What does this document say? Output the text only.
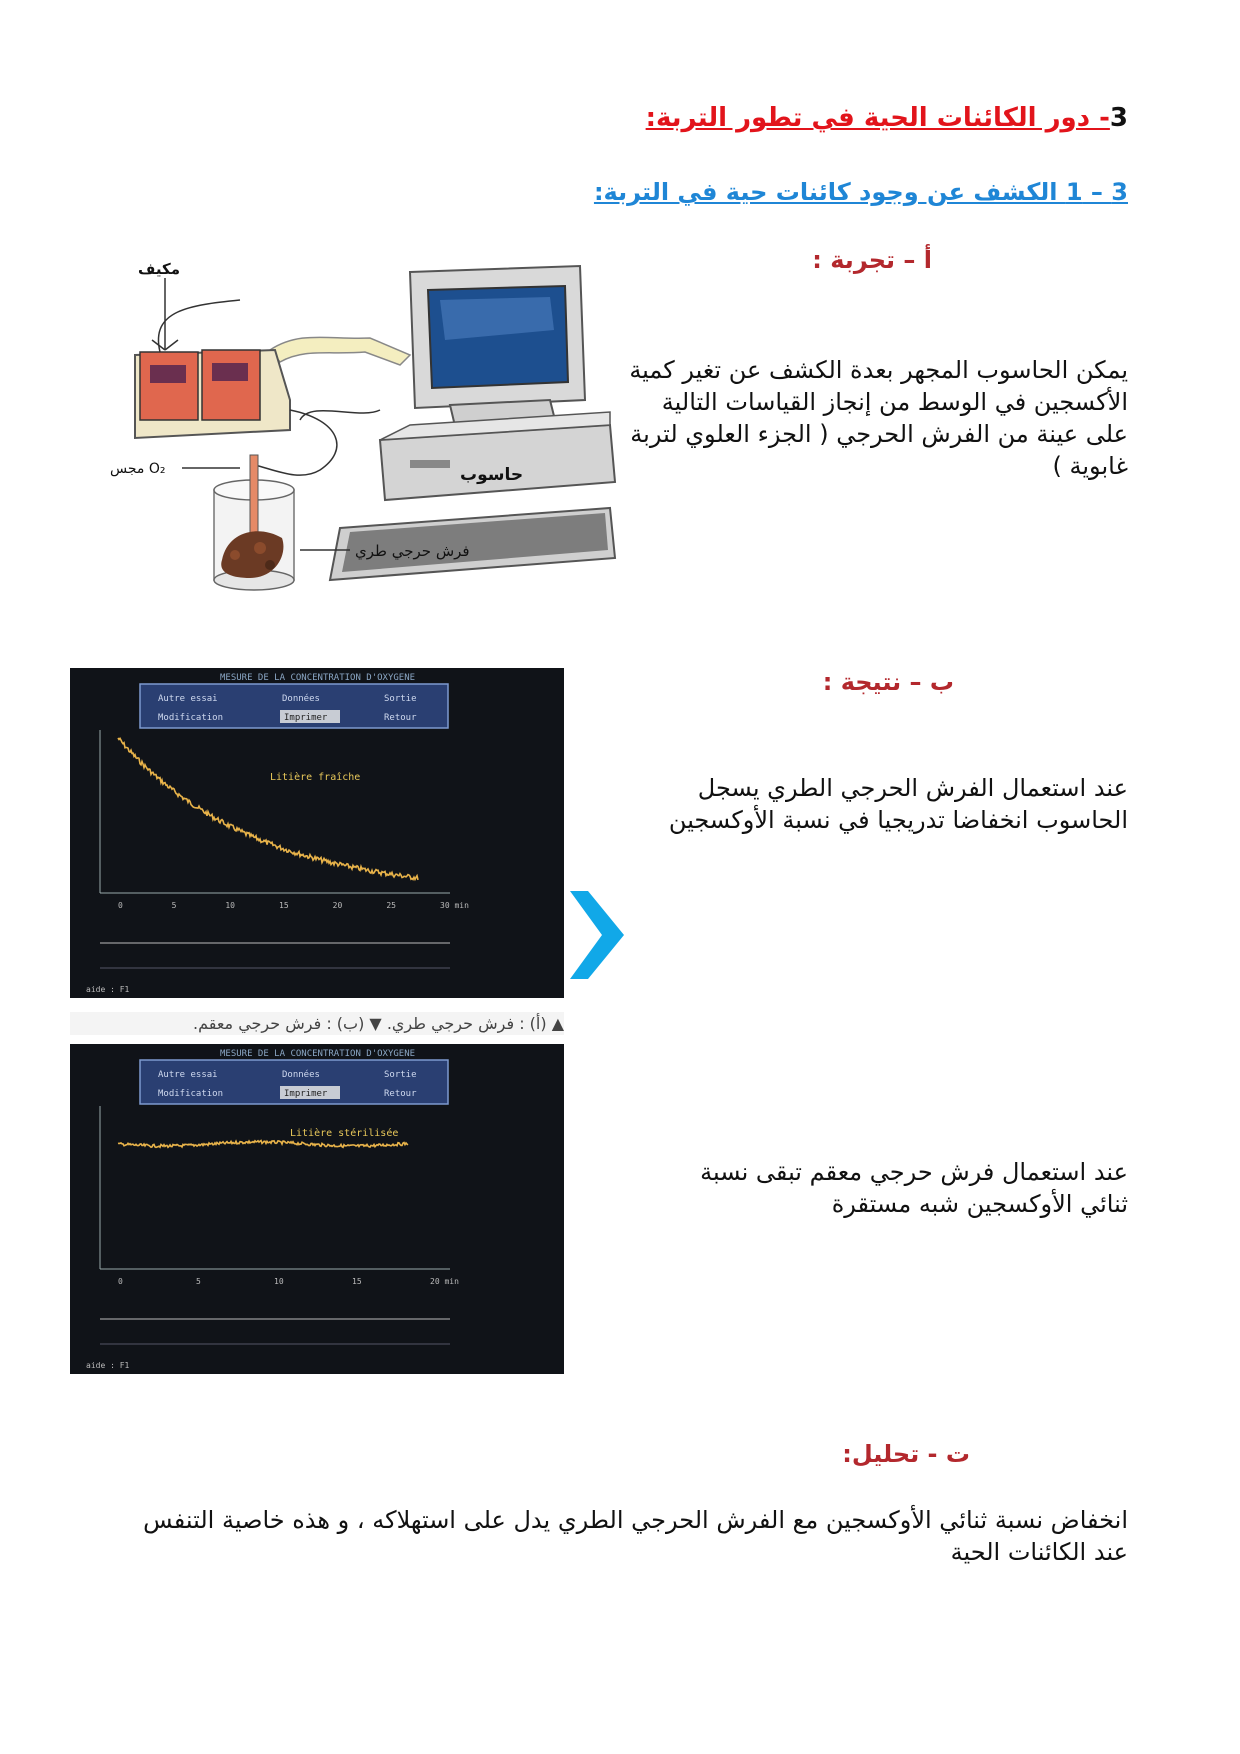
3- دور الكائنات الحية في تطور التربة:
3 – 1 الكشف عن وجود كائنات حية في التربة:
أ – تجربة :
يمكن الحاسوب المجهر بعدة الكشف عن تغير كمية الأكسجين في الوسط من إنجاز القياسات التالية على عينة من الفرش الحرجي ( الجزء العلوي لتربة غابوية )
حاسوب
مكيف
مجس O₂
فرش حرجي طري
ب – نتيجة :
عند استعمال الفرش الحرجي الطري يسجل الحاسوب انخفاضا تدريجيا في نسبة الأوكسجين
عند استعمال فرش حرجي معقم تبقى نسبة ثنائي الأوكسجين شبه مستقرة
MESURE DE LA CONCENTRATION D'OXYGENE
Autre essai	Données	Sortie
Modification	Imprimer	Retour
Litière fraîche
0	5	10	15	20	25	30 min
aide : F1
▲ (أ) : فرش حرجي طري. ▼ (ب) : فرش حرجي معقم.
MESURE DE LA CONCENTRATION D'OXYGENE
Autre essai	Données	Sortie
Modification	Imprimer	Retour
Litière stérilisée
0	5	10	15	20 min
aide : F1
ت - تحليل:
انخفاض نسبة ثنائي الأوكسجين مع الفرش الحرجي الطري يدل على استهلاكه ، و هذه خاصية التنفس عند الكائنات الحية
